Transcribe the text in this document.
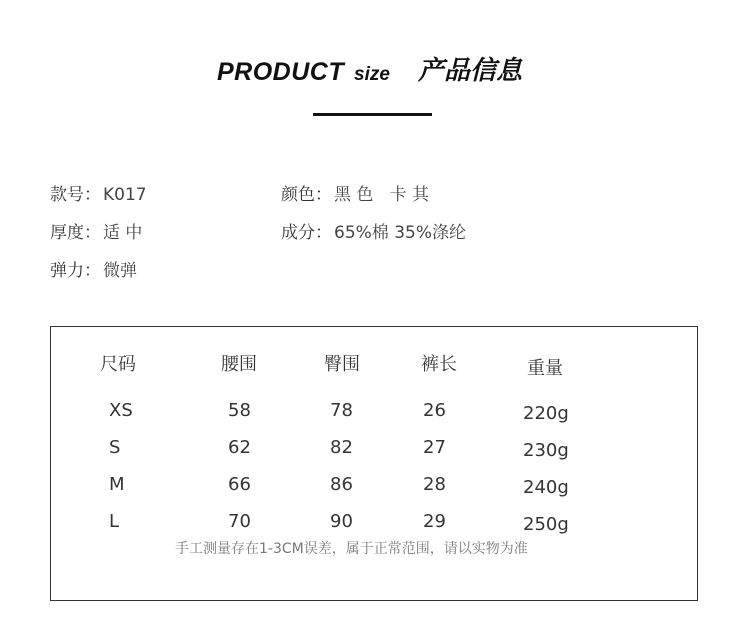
PRODUCT size 产品信息
款号： K017	颜色： 黑 色   卡 其
厚度： 适 中	成分： 65%棉 35%涤纶
弹力： 微弹
尺码	腰围	臀围	裤长	重量
XS	58	78	26	220g
S	62	82	27	230g
M	66	86	28	240g
L	70	90	29	250g
手工测量存在1-3CM误差，属于正常范围，请以实物为准
